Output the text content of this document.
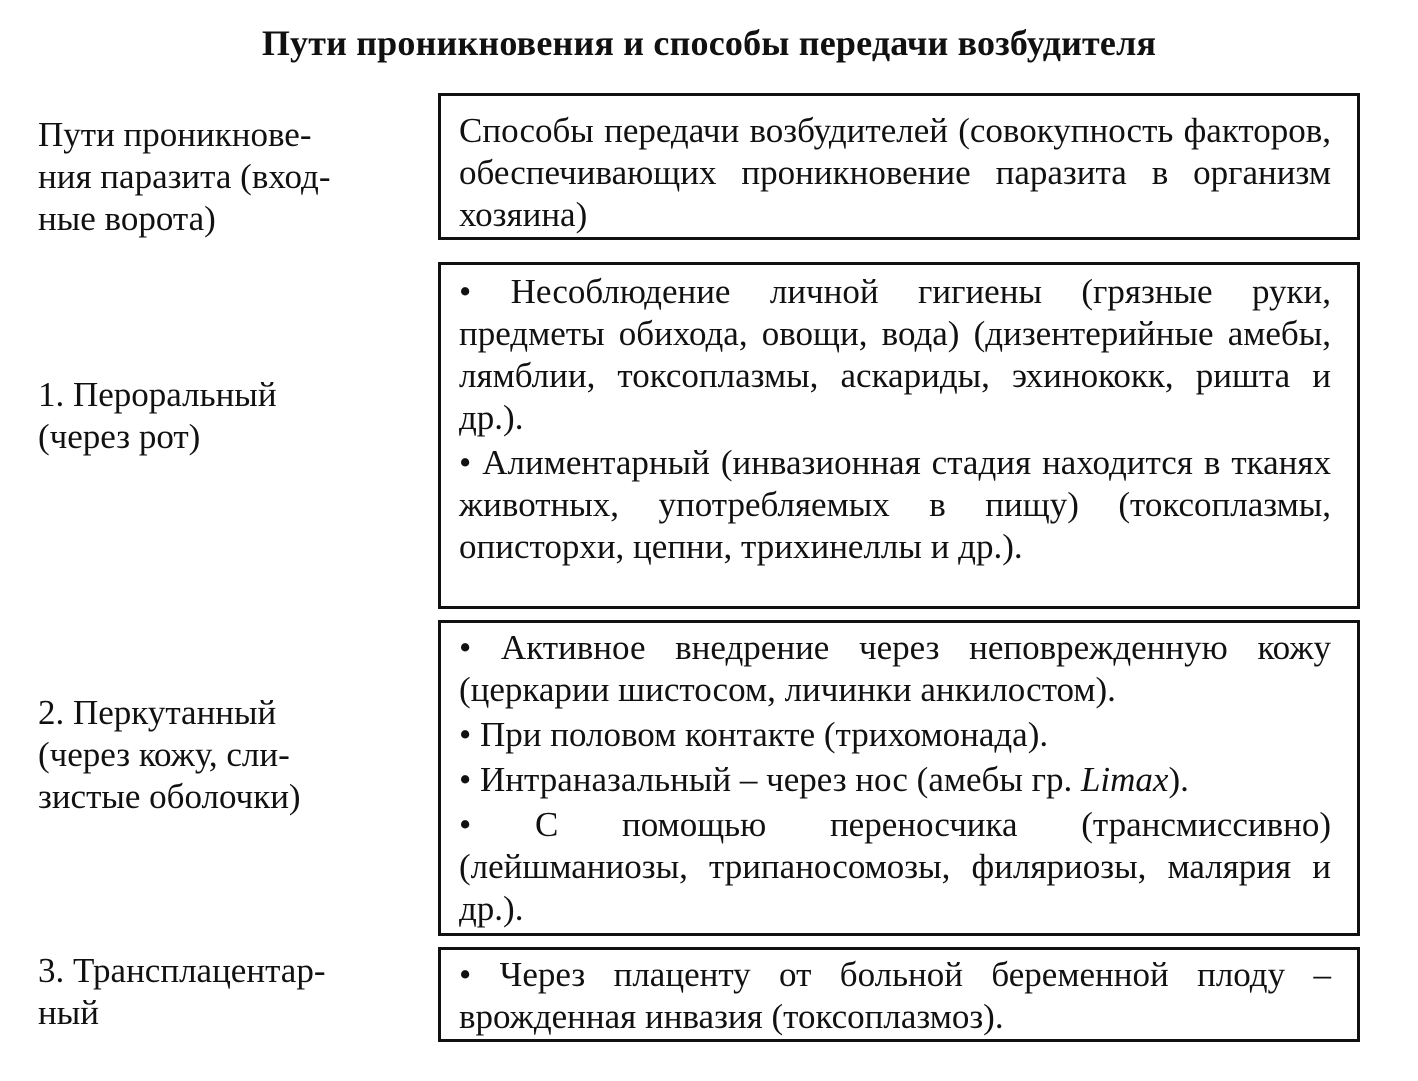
Пути проникновения и способы передачи возбудителя
Пути проникнове-
ния паразита (вход-
ные ворота)

Способы передачи возбудителей (совокупность факторов, обеспечивающих проникновение паразита в организм хозяина)

1. Пероральный
(через рот)

• Несоблюдение личной гигиены (грязные руки, предметы обихода, овощи, вода) (дизентерийные амебы, лямблии, токсоплазмы, аскариды, эхинококк, ришта и др.).

• Алиментарный (инвазионная стадия находится в тканях животных, употребляемых в пищу) (токсоплазмы, описторхи, цепни, трихинеллы и др.).

2. Перкутанный
(через кожу, сли-
зистые оболочки)

• Активное внедрение через неповрежденную кожу (церкарии шистосом, личинки анкилостом).

• При половом контакте (трихомонада).

• Интраназальный – через нос (амебы гр. Limax).

• С помощью переносчика (трансмиссивно) (лейшманиозы, трипаносомозы, филяриозы, малярия и др.).

3. Трансплацентар-
ный

• Через плаценту от больной беременной плоду – врожденная инвазия (токсоплазмоз).
